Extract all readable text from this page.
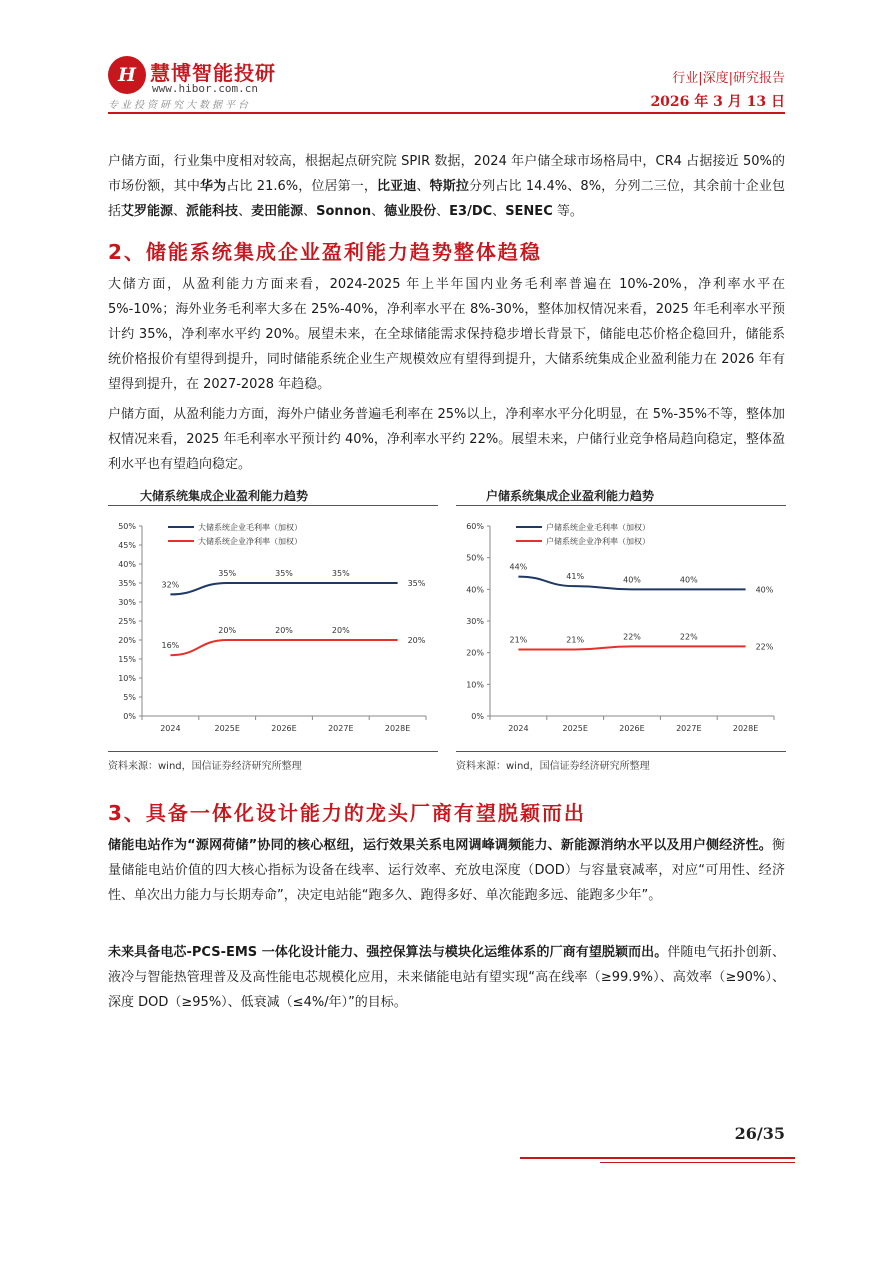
H 慧博智能投研
www.hibor.com.cn
专业投资研究大数据平台
行业|深度|研究报告
2026 年 3 月 13 日

户储方面，行业集中度相对较高，根据起点研究院 SPIR 数据，2024 年户储全球市场格局中，CR4 占据接近 50%的市场份额，其中华为占比 21.6%，位居第一，比亚迪、特斯拉分列占比 14.4%、8%，分列二三位，其余前十企业包括艾罗能源、派能科技、麦田能源、Sonnon、德业股份、E3/DC、SENEC 等。

2、储能系统集成企业盈利能力趋势整体趋稳

大储方面，从盈利能力方面来看，2024-2025 年上半年国内业务毛利率普遍在 10%-20%，净利率水平在 5%-10%；海外业务毛利率大多在 25%-40%，净利率水平在 8%-30%，整体加权情况来看，2025 年毛利率水平预计约 35%，净利率水平约 20%。展望未来，在全球储能需求保持稳步增长背景下，储能电芯价格企稳回升，储能系统价格报价有望得到提升，同时储能系统企业生产规模效应有望得到提升，大储系统集成企业盈利能力在 2026 年有望得到提升，在 2027-2028 年趋稳。

户储方面，从盈利能力方面，海外户储业务普遍毛利率在 25%以上，净利率水平分化明显，在 5%-35%不等，整体加权情况来看，2025 年毛利率水平预计约 40%，净利率水平约 22%。展望未来，户储行业竞争格局趋向稳定，整体盈利水平也有望趋向稳定。

大储系统集成企业盈利能力趋势
0%
5%
10%
15%
20%
25%
30%
35%
40%
45%
50%
2024	2025E	2026E	2027E	2028E
32%
35%	35%	35%
35%
大储系统企业毛利率（加权）
16%
20%	20%	20%
20%
大储系统企业净利率（加权）
资料来源：wind，国信证券经济研究所整理
户储系统集成企业盈利能力趋势
0%
10%
20%
30%
40%
50%
60%
2024	2025E	2026E	2027E	2028E
44%
41%	40%	40%
40%
户储系统企业毛利率（加权）
21%	21%	22%	22%
22%
户储系统企业净利率（加权）
资料来源：wind，国信证券经济研究所整理
3、具备一体化设计能力的龙头厂商有望脱颖而出

储能电站作为“源网荷储”协同的核心枢纽，运行效果关系电网调峰调频能力、新能源消纳水平以及用户侧经济性。衡量储能电站价值的四大核心指标为设备在线率、运行效率、充放电深度（DOD）与容量衰减率，对应“可用性、经济性、单次出力能力与长期寿命”，决定电站能“跑多久、跑得多好、单次能跑多远、能跑多少年”。

未来具备电芯-PCS-EMS 一体化设计能力、强控保算法与模块化运维体系的厂商有望脱颖而出。伴随电气拓扑创新、液冷与智能热管理普及及高性能电芯规模化应用，未来储能电站有望实现“高在线率（≥99.9%）、高效率（≥90%）、深度 DOD（≥95%）、低衰减（≤4%/年）”的目标。

26/35
